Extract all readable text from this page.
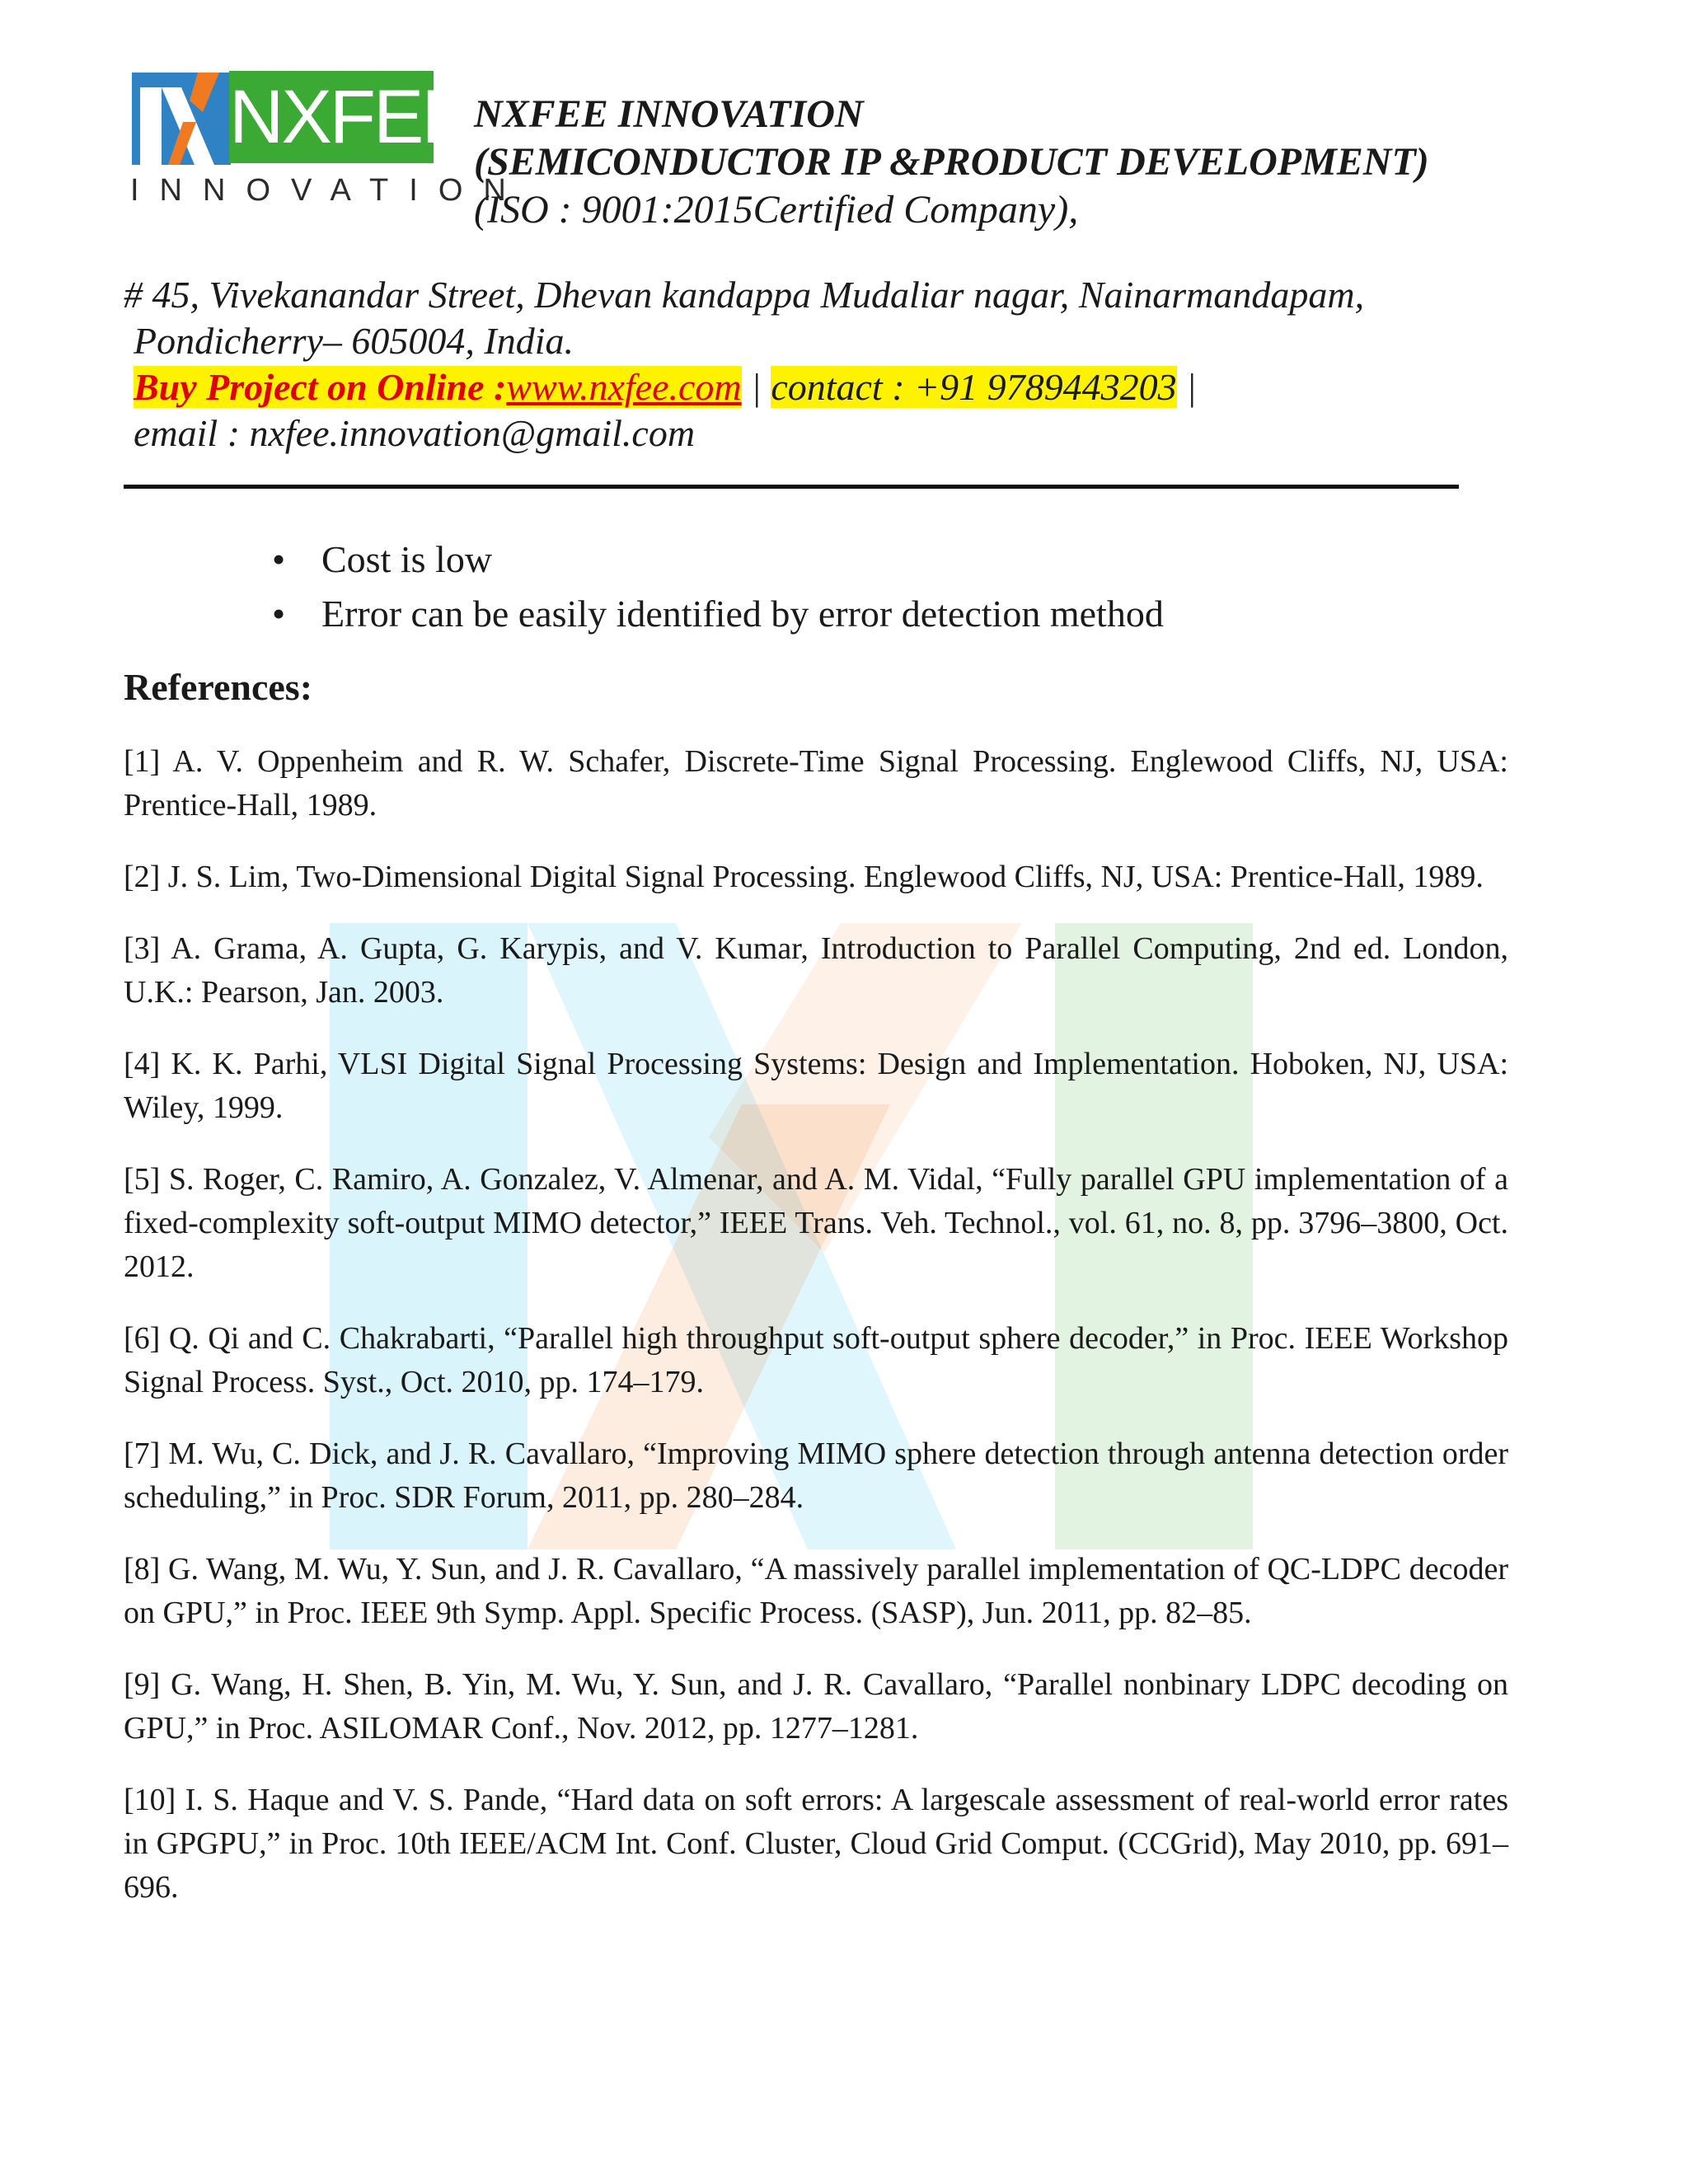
NXFEE
INNOVATION
NXFEE INNOVATION
(SEMICONDUCTOR IP &PRODUCT DEVELOPMENT)
(ISO : 9001:2015Certified Company),
# 45, Vivekanandar Street, Dhevan kandappa Mudaliar nagar, Nainarmandapam,
Pondicherry– 605004, India.
Buy Project on Online :www.nxfee.com | contact : +91 9789443203 |
email : nxfee.innovation@gmail.com
• Cost is low
• Error can be easily identified by error detection method
References:

[1] A. V. Oppenheim and R. W. Schafer, Discrete-Time Signal Processing. Englewood Cliffs, NJ, USA: Prentice-Hall, 1989.

[2] J. S. Lim, Two-Dimensional Digital Signal Processing. Englewood Cliffs, NJ, USA: Prentice-Hall, 1989.

[3] A. Grama, A. Gupta, G. Karypis, and V. Kumar, Introduction to Parallel Computing, 2nd ed. London, U.K.: Pearson, Jan. 2003.

[4] K. K. Parhi, VLSI Digital Signal Processing Systems: Design and Implementation. Hoboken, NJ, USA: Wiley, 1999.

[5] S. Roger, C. Ramiro, A. Gonzalez, V. Almenar, and A. M. Vidal, “Fully parallel GPU implementation of a fixed-complexity soft-output MIMO detector,” IEEE Trans. Veh. Technol., vol. 61, no. 8, pp. 3796–3800, Oct. 2012.

[6] Q. Qi and C. Chakrabarti, “Parallel high throughput soft-output sphere decoder,” in Proc. IEEE Workshop Signal Process. Syst., Oct. 2010, pp. 174–179.

[7] M. Wu, C. Dick, and J. R. Cavallaro, “Improving MIMO sphere detection through antenna detection order scheduling,” in Proc. SDR Forum, 2011, pp. 280–284.

[8] G. Wang, M. Wu, Y. Sun, and J. R. Cavallaro, “A massively parallel implementation of QC-LDPC decoder on GPU,” in Proc. IEEE 9th Symp. Appl. Specific Process. (SASP), Jun. 2011, pp. 82–85.

[9] G. Wang, H. Shen, B. Yin, M. Wu, Y. Sun, and J. R. Cavallaro, “Parallel nonbinary LDPC decoding on GPU,” in Proc. ASILOMAR Conf., Nov. 2012, pp. 1277–1281.

[10] I. S. Haque and V. S. Pande, “Hard data on soft errors: A largescale assessment of real-world error rates in GPGPU,” in Proc. 10th IEEE/ACM Int. Conf. Cluster, Cloud Grid Comput. (CCGrid), May 2010, pp. 691–696.
